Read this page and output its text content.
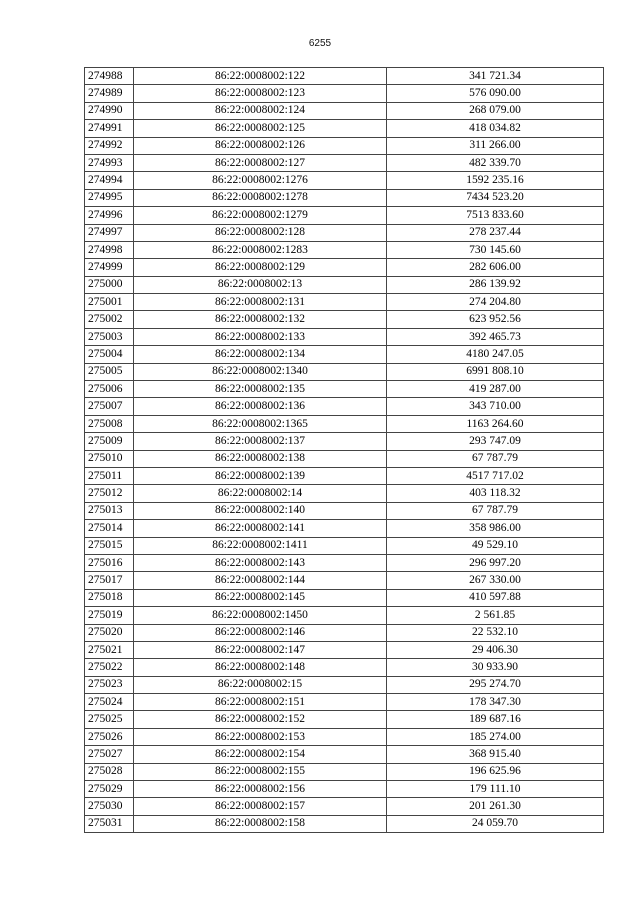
6255
274988	86:22:0008002:122	341 721.34
274989	86:22:0008002:123	576 090.00
274990	86:22:0008002:124	268 079.00
274991	86:22:0008002:125	418 034.82
274992	86:22:0008002:126	311 266.00
274993	86:22:0008002:127	482 339.70
274994	86:22:0008002:1276	1592 235.16
274995	86:22:0008002:1278	7434 523.20
274996	86:22:0008002:1279	7513 833.60
274997	86:22:0008002:128	278 237.44
274998	86:22:0008002:1283	730 145.60
274999	86:22:0008002:129	282 606.00
275000	86:22:0008002:13	286 139.92
275001	86:22:0008002:131	274 204.80
275002	86:22:0008002:132	623 952.56
275003	86:22:0008002:133	392 465.73
275004	86:22:0008002:134	4180 247.05
275005	86:22:0008002:1340	6991 808.10
275006	86:22:0008002:135	419 287.00
275007	86:22:0008002:136	343 710.00
275008	86:22:0008002:1365	1163 264.60
275009	86:22:0008002:137	293 747.09
275010	86:22:0008002:138	67 787.79
275011	86:22:0008002:139	4517 717.02
275012	86:22:0008002:14	403 118.32
275013	86:22:0008002:140	67 787.79
275014	86:22:0008002:141	358 986.00
275015	86:22:0008002:1411	49 529.10
275016	86:22:0008002:143	296 997.20
275017	86:22:0008002:144	267 330.00
275018	86:22:0008002:145	410 597.88
275019	86:22:0008002:1450	2 561.85
275020	86:22:0008002:146	22 532.10
275021	86:22:0008002:147	29 406.30
275022	86:22:0008002:148	30 933.90
275023	86:22:0008002:15	295 274.70
275024	86:22:0008002:151	178 347.30
275025	86:22:0008002:152	189 687.16
275026	86:22:0008002:153	185 274.00
275027	86:22:0008002:154	368 915.40
275028	86:22:0008002:155	196 625.96
275029	86:22:0008002:156	179 111.10
275030	86:22:0008002:157	201 261.30
275031	86:22:0008002:158	24 059.70
